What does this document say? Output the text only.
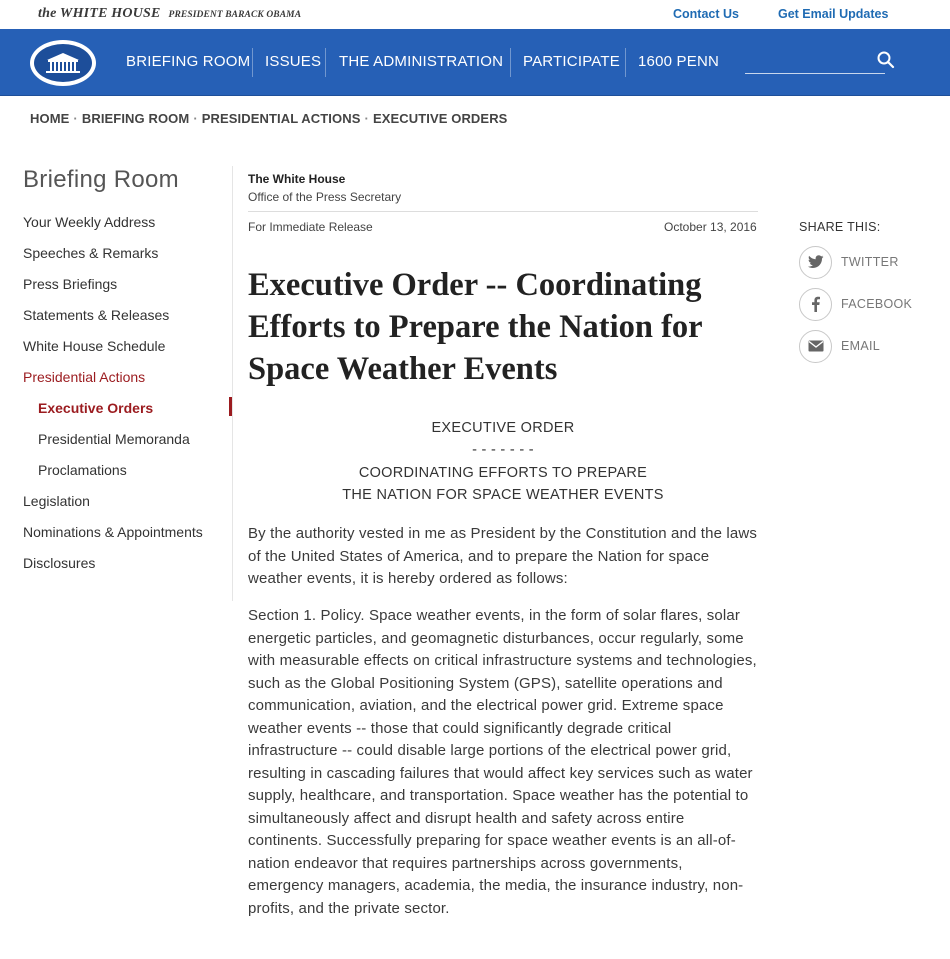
the WHITE HOUSE PRESIDENT BARACK OBAMA	Contact Us	Get Email Updates
BRIEFING ROOM ISSUES THE ADMINISTRATION PARTICIPATE 1600 PENN
HOME · BRIEFING ROOM · PRESIDENTIAL ACTIONS · EXECUTIVE ORDERS
Briefing Room
Your Weekly Address
Speeches & Remarks
Press Briefings
Statements & Releases
White House Schedule
Presidential Actions
Executive Orders
Presidential Memoranda
Proclamations
Legislation
Nominations & Appointments
Disclosures
The White House
Office of the Press Secretary
For Immediate Release	October 13, 2016
Executive Order -- Coordinating Efforts to Prepare the Nation for Space Weather Events
EXECUTIVE ORDER
- - - - - - -
COORDINATING EFFORTS TO PREPARE
THE NATION FOR SPACE WEATHER EVENTS

By the authority vested in me as President by the Constitution and the laws of the United States of America, and to prepare the Nation for space weather events, it is hereby ordered as follows:

Section 1. Policy. Space weather events, in the form of solar flares, solar energetic particles, and geomagnetic disturbances, occur regularly, some with measurable effects on critical infrastructure systems and technologies, such as the Global Positioning System (GPS), satellite operations and communication, aviation, and the electrical power grid. Extreme space weather events -- those that could significantly degrade critical infrastructure -- could disable large portions of the electrical power grid, resulting in cascading failures that would affect key services such as water supply, healthcare, and transportation. Space weather has the potential to simultaneously affect and disrupt health and safety across entire continents. Successfully preparing for space weather events is an all-of-nation endeavor that requires partnerships across governments, emergency managers, academia, the media, the insurance industry, non-profits, and the private sector.

SHARE THIS:
TWITTER
FACEBOOK
EMAIL
